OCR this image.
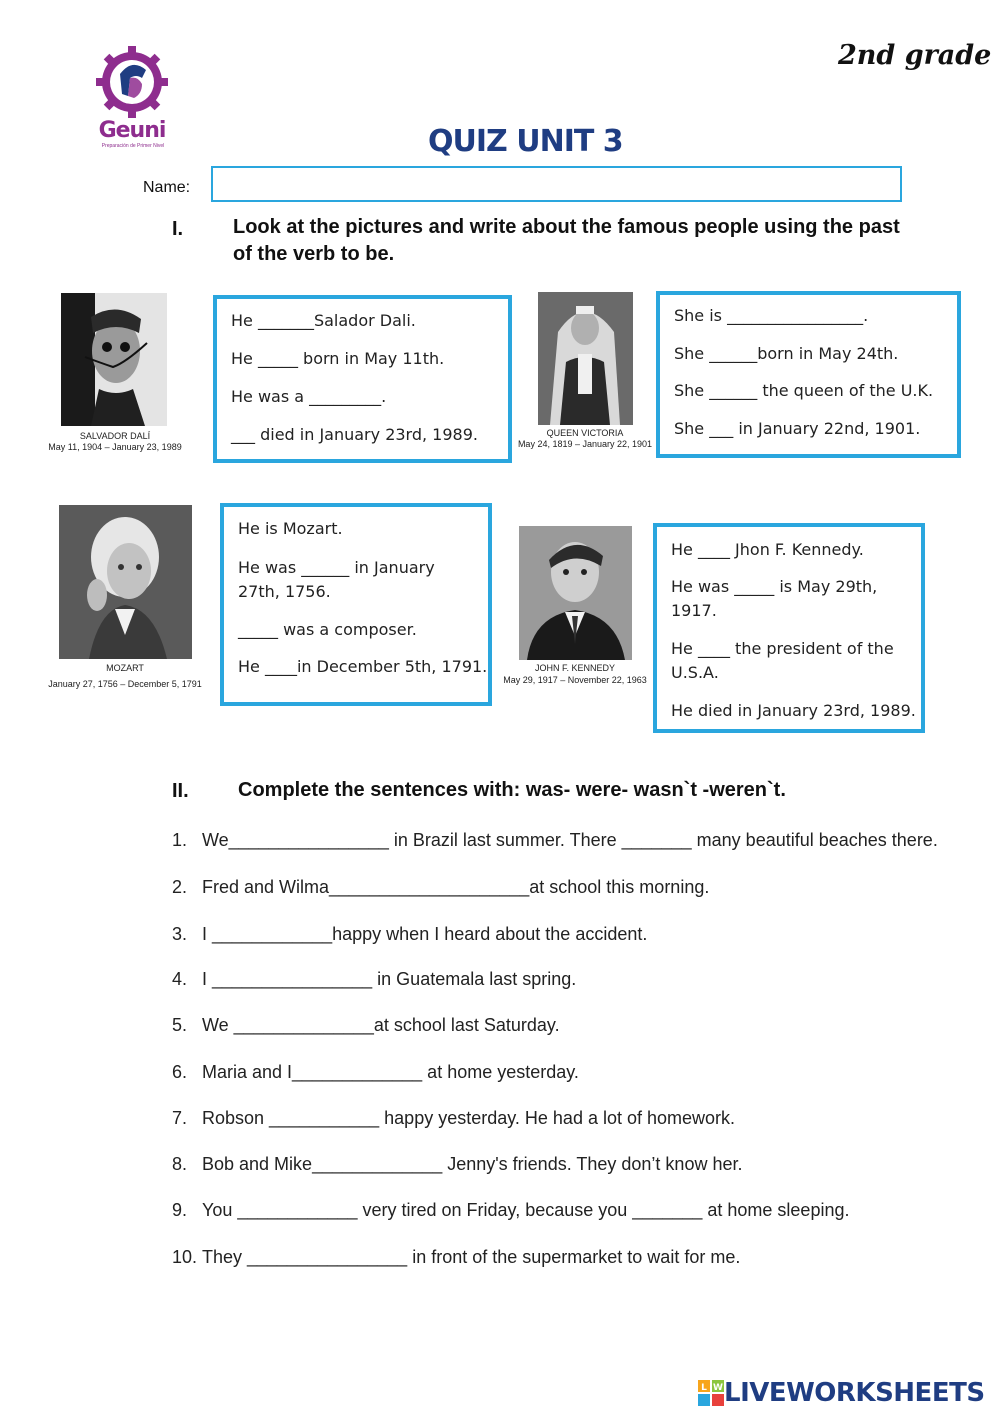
Geuni
Preparación de Primer Nivel
2nd grade
QUIZ UNIT 3
Name:
I. Look at the pictures and write about the famous people using the past of the verb to be.
SALVADOR DALÍ
May 11, 1904 – January 23, 1989
He _______Salador Dali.
He _____ born in May 11th.
He was a _________.
___ died in January 23rd, 1989.	QUEEN VICTORIA
May 24, 1819 – January 22, 1901
She is _________________.
She ______born in May 24th.
She ______ the queen of the U.K.
She ___ in January 22nd, 1901.
MOZART
January 27, 1756 – December 5, 1791
He is Mozart.
He was ______ in January
27th, 1756.
_____ was a composer.
He ____in December 5th, 1791.	JOHN F. KENNEDY
May 29, 1917 – November 22, 1963
He ____ Jhon F. Kennedy.
He was _____ is May 29th,
1917.
He ____ the president of the
U.S.A.
He died in January 23rd, 1989.
II. Complete the sentences with: was- were- wasn`t -weren`t.
1. We________________ in Brazil last summer. There _______ many beautiful beaches there.
2. Fred and Wilma____________________at school this morning.
3. I ____________happy when I heard about the accident.
4. I ________________ in Guatemala last spring.
5. We ______________at school last Saturday.
6. Maria and I_____________ at home yesterday.
7. Robson ___________ happy yesterday. He had a lot of homework.
8. Bob and Mike_____________ Jenny's friends. They don’t know her.
9. You ____________ very tired on Friday, because you _______ at home sleeping.
10. They ________________ in front of the supermarket to wait for me.
L W LIVEWORKSHEETS
